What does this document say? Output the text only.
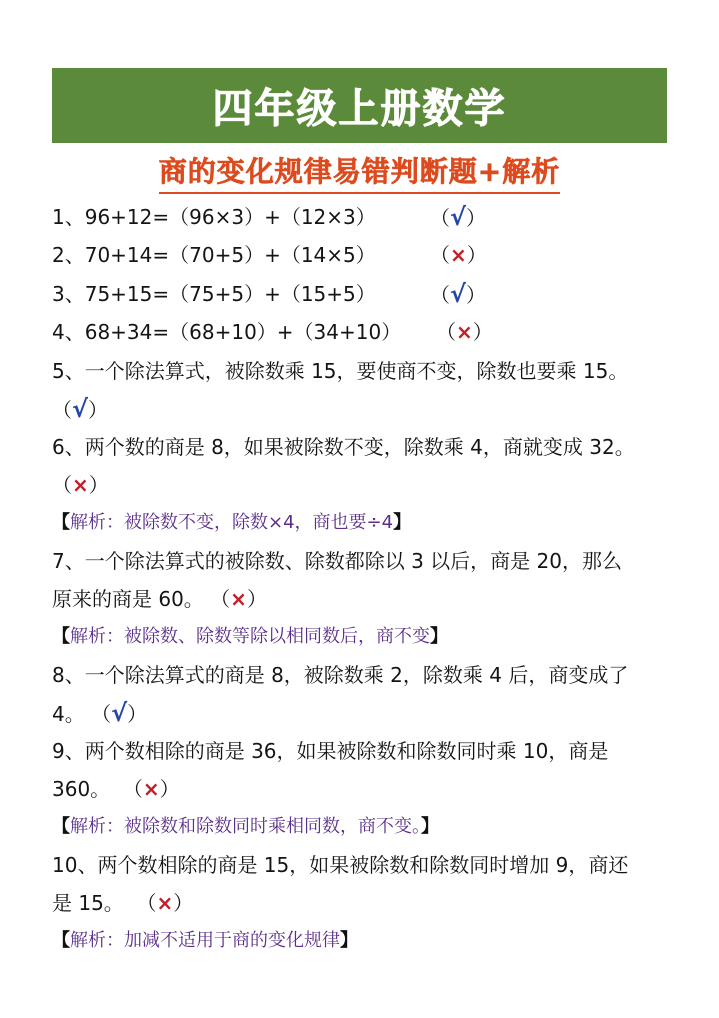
四年级上册数学
商的变化规律易错判断题+解析
1、96+12=（96×3）+（12×3）	（√）
2、70+14=（70+5）+（14×5）	（×）
3、75+15=（75+5）+（15+5）	（√）
4、68+34=（68+10）+（34+10） （×）
5、一个除法算式，被除数乘 15，要使商不变，除数也要乘 15。
（√）
6、两个数的商是 8，如果被除数不变，除数乘 4，商就变成 32。
（×）
【解析：被除数不变，除数×4，商也要÷4】
7、一个除法算式的被除数、除数都除以 3 以后，商是 20，那么
原来的商是 60。 （×）
【解析：被除数、除数等除以相同数后，商不变】
8、一个除法算式的商是 8，被除数乘 2，除数乘 4 后，商变成了
4。 （√）
9、两个数相除的商是 36，如果被除数和除数同时乘 10，商是
360。 （×）
【解析：被除数和除数同时乘相同数，商不变。】
10、两个数相除的商是 15，如果被除数和除数同时增加 9，商还
是 15。 （×）
【解析：加减不适用于商的变化规律】
